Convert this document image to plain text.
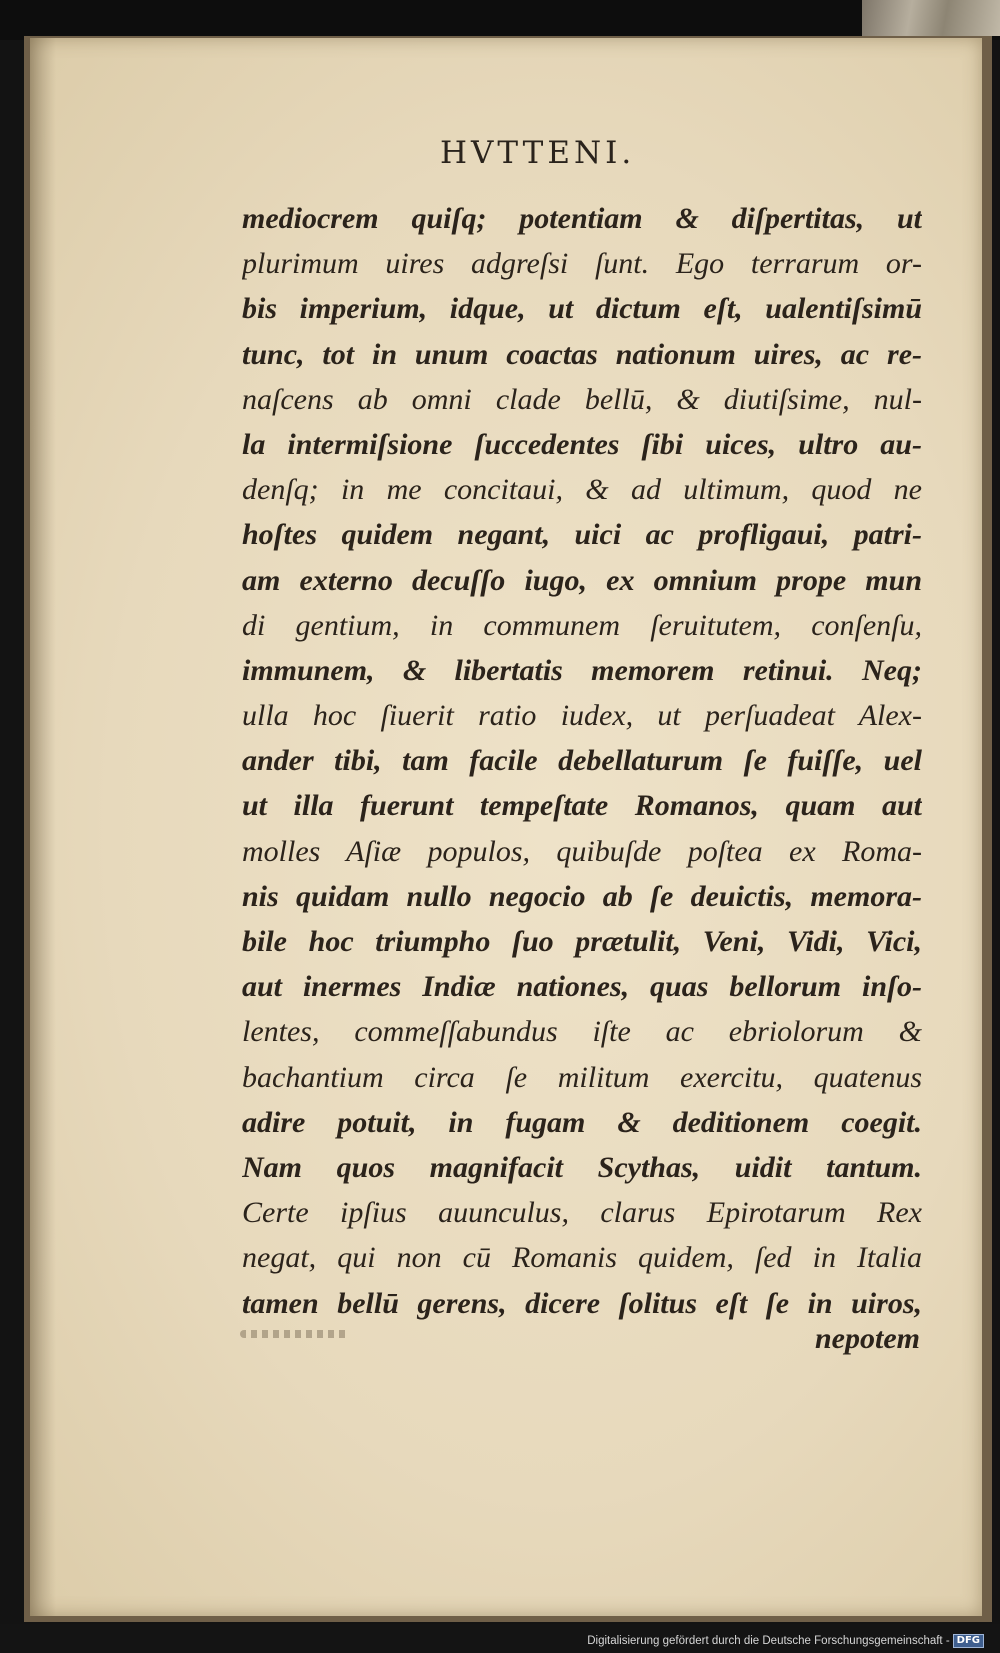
HVTTENI.
mediocrem quiſq; potentiam & diſpertitas, ut
plurimum uires adgreſsi ſunt. Ego terrarum or-
bis imperium, idque, ut dictum eſt, ualentiſsimū
tunc, tot in unum coactas nationum uires, ac re-
naſcens ab omni clade bellū, & diutiſsime, nul-
la intermiſsione ſuccedentes ſibi uices, ultro au-
denſq; in me concitaui, & ad ultimum, quod ne
hoſtes quidem negant, uici ac profligaui, patri-
am externo decuſſo iugo, ex omnium prope mun
di gentium, in communem ſeruitutem, conſenſu,
immunem, & libertatis memorem retinui. Neq;
ulla hoc ſiuerit ratio iudex, ut perſuadeat Alex-
ander tibi, tam facile debellaturum ſe fuiſſe, uel
ut illa fuerunt tempeſtate Romanos, quam aut
molles Aſiæ populos, quibuſde poſtea ex Roma-
nis quidam nullo negocio ab ſe deuictis, memora-
bile hoc triumpho ſuo prætulit, Veni, Vidi, Vici,
aut inermes Indiæ nationes, quas bellorum inſo-
lentes, commeſſabundus iſte ac ebriolorum &
bachantium circa ſe militum exercitu, quatenus
adire potuit, in fugam & deditionem coegit.
Nam quos magnifacit Scythas, uidit tantum.
Certe ipſius auunculus, clarus Epirotarum Rex
negat, qui non cū Romanis quidem, ſed in Italia
tamen bellū gerens, dicere ſolitus eſt ſe in uiros,
nepotem
Digitalisierung gefördert durch die Deutsche Forschungsgemeinschaft - DFG
